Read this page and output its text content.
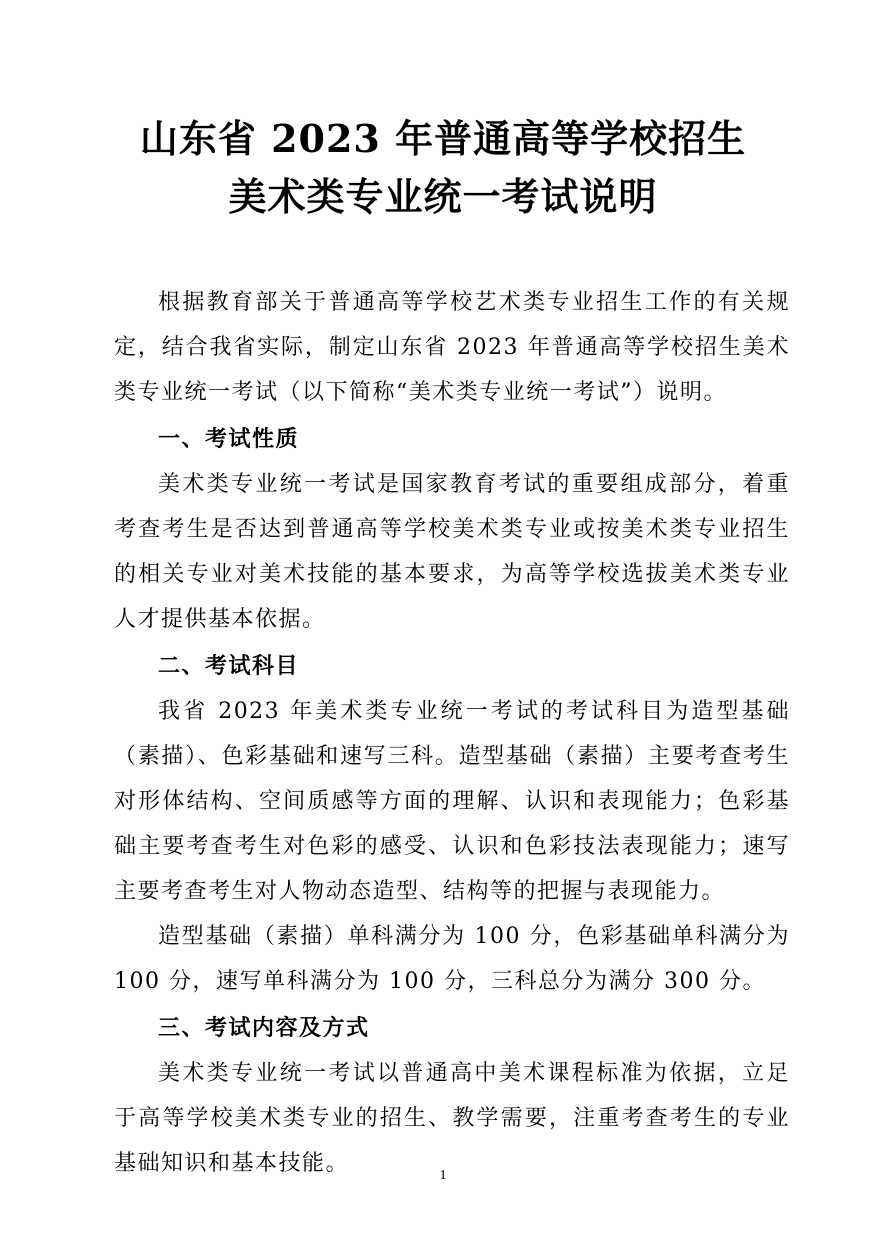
山东省 2023 年普通高等学校招生
美术类专业统一考试说明

根据教育部关于普通高等学校艺术类专业招生工作的有关规定，结合我省实际，制定山东省 2023 年普通高等学校招生美术类专业统一考试（以下简称“美术类专业统一考试”）说明。

一、考试性质

美术类专业统一考试是国家教育考试的重要组成部分，着重考查考生是否达到普通高等学校美术类专业或按美术类专业招生的相关专业对美术技能的基本要求，为高等学校选拔美术类专业人才提供基本依据。

二、考试科目

我省 2023 年美术类专业统一考试的考试科目为造型基础（素描）、色彩基础和速写三科。造型基础（素描）主要考查考生对形体结构、空间质感等方面的理解、认识和表现能力；色彩基础主要考查考生对色彩的感受、认识和色彩技法表现能力；速写主要考查考生对人物动态造型、结构等的把握与表现能力。

造型基础（素描）单科满分为 100 分，色彩基础单科满分为 100 分，速写单科满分为 100 分，三科总分为满分 300 分。

三、考试内容及方式

美术类专业统一考试以普通高中美术课程标准为依据，立足于高等学校美术类专业的招生、教学需要，注重考查考生的专业基础知识和基本技能。	1
